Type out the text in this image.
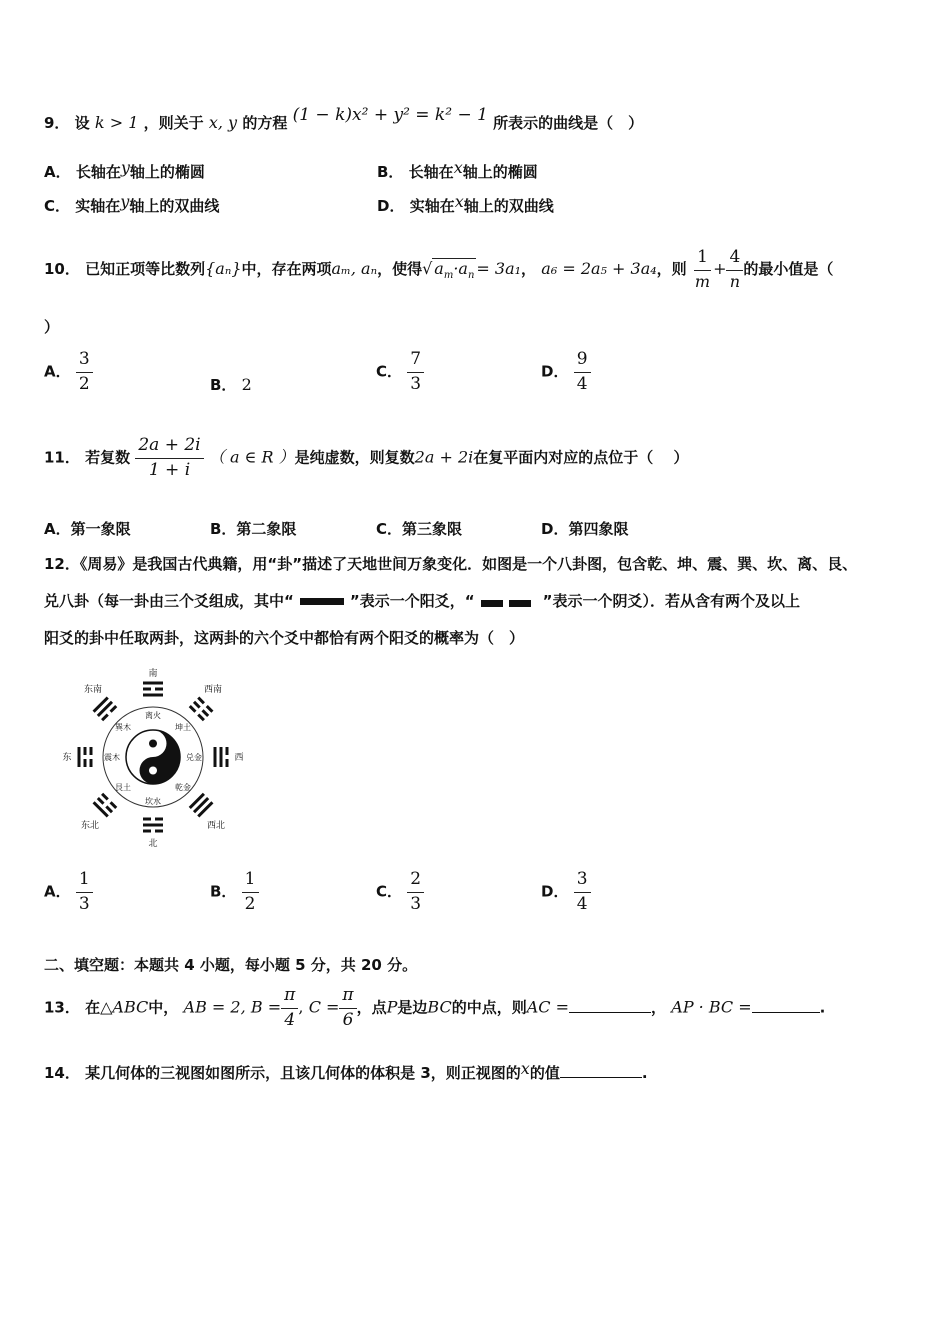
9． 设 k > 1 ，则关于 x, y 的方程 (1 − k)x² + y² = k² − 1 所表示的曲线是（　）
A． 长轴在y轴上的椭圆	B． 长轴在x轴上的椭圆
C． 实轴在y轴上的双曲线	D． 实轴在x轴上的双曲线
10． 已知正项等比数列{aₙ}中，存在两项aₘ, aₙ，使得√ $a_m\cdot a_n = 3a_1$， a₆ = 2a₅ + 3a₄，则 $\frac{1}{m} + \frac{4}{n}$ 的最小值是（
）
A． $\frac{3}{2}$	B． 2
C． $\frac{7}{3}$	D． $\frac{9}{4}$
11． 若复数 $\frac{2a + 2i}{1 + i}$ （ a ∈ R ）是纯虚数，则复数2a + 2i在复平面内对应的点位于（　 ）
A．第一象限	B．第二象限	C．第三象限	D．第四象限
12．《周易》是我国古代典籍，用“卦”描述了天地世间万象变化．如图是一个八卦图，包含乾、坤、震、巽、坎、离、艮、
兑八卦（每一卦由三个爻组成，其中“	”表示一个阳爻，“	”表示一个阴爻）．若从含有两个及以上
阳爻的卦中任取两卦，这两卦的六个爻中都恰有两个阳爻的概率为（　）
南
北
西
东
西南
东南
西北
东北
离火
坎水
兑金
震木
坤土
巽木
乾金
艮土
A． $\frac{1}{3}$	B． $\frac{1}{2}$	C． $\frac{2}{3}$	D． $\frac{3}{4}$
二、填空题：本题共 4 小题，每小题 5 分，共 20 分。
13． 在△ABC中， AB = 2, $B = \frac{\pi}{4}$ , $C = \frac{\pi}{6}$ ，点P是边BC的中点，则AC =	， AP · BC =	.
14． 某几何体的三视图如图所示，且该几何体的体积是 3，则正视图的x的值	.
